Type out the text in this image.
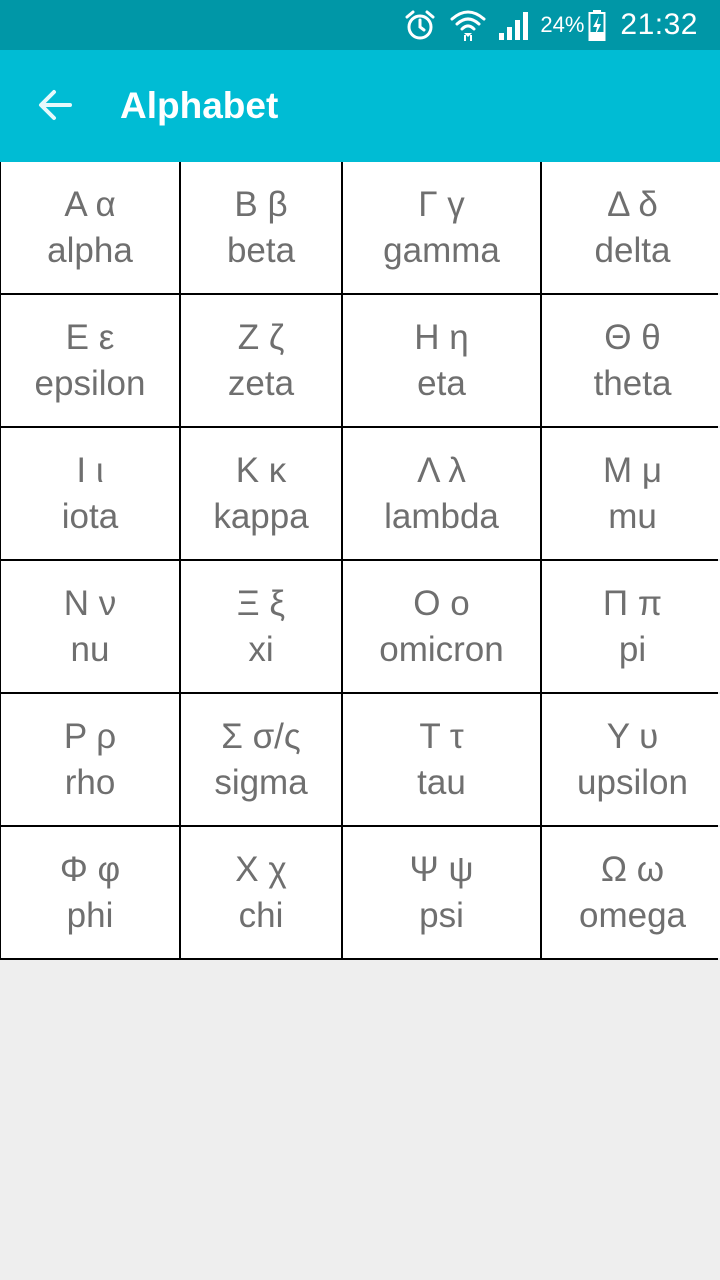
24% 21:32
Alphabet
Α α
alpha
Β β
beta
Γ γ
gamma
Δ δ
delta
Ε ε
epsilon
Ζ ζ
zeta
Η η
eta
Θ θ
theta
Ι ι
iota
Κ κ
kappa
Λ λ
lambda
Μ μ
mu
Ν ν
nu
Ξ ξ
xi
Ο ο
omicron
Π π
pi
Ρ ρ
rho
Σ σ/ς
sigma
Τ τ
tau
Υ υ
upsilon
Φ φ
phi
Χ χ
chi
Ψ ψ
psi
Ω ω
omega
